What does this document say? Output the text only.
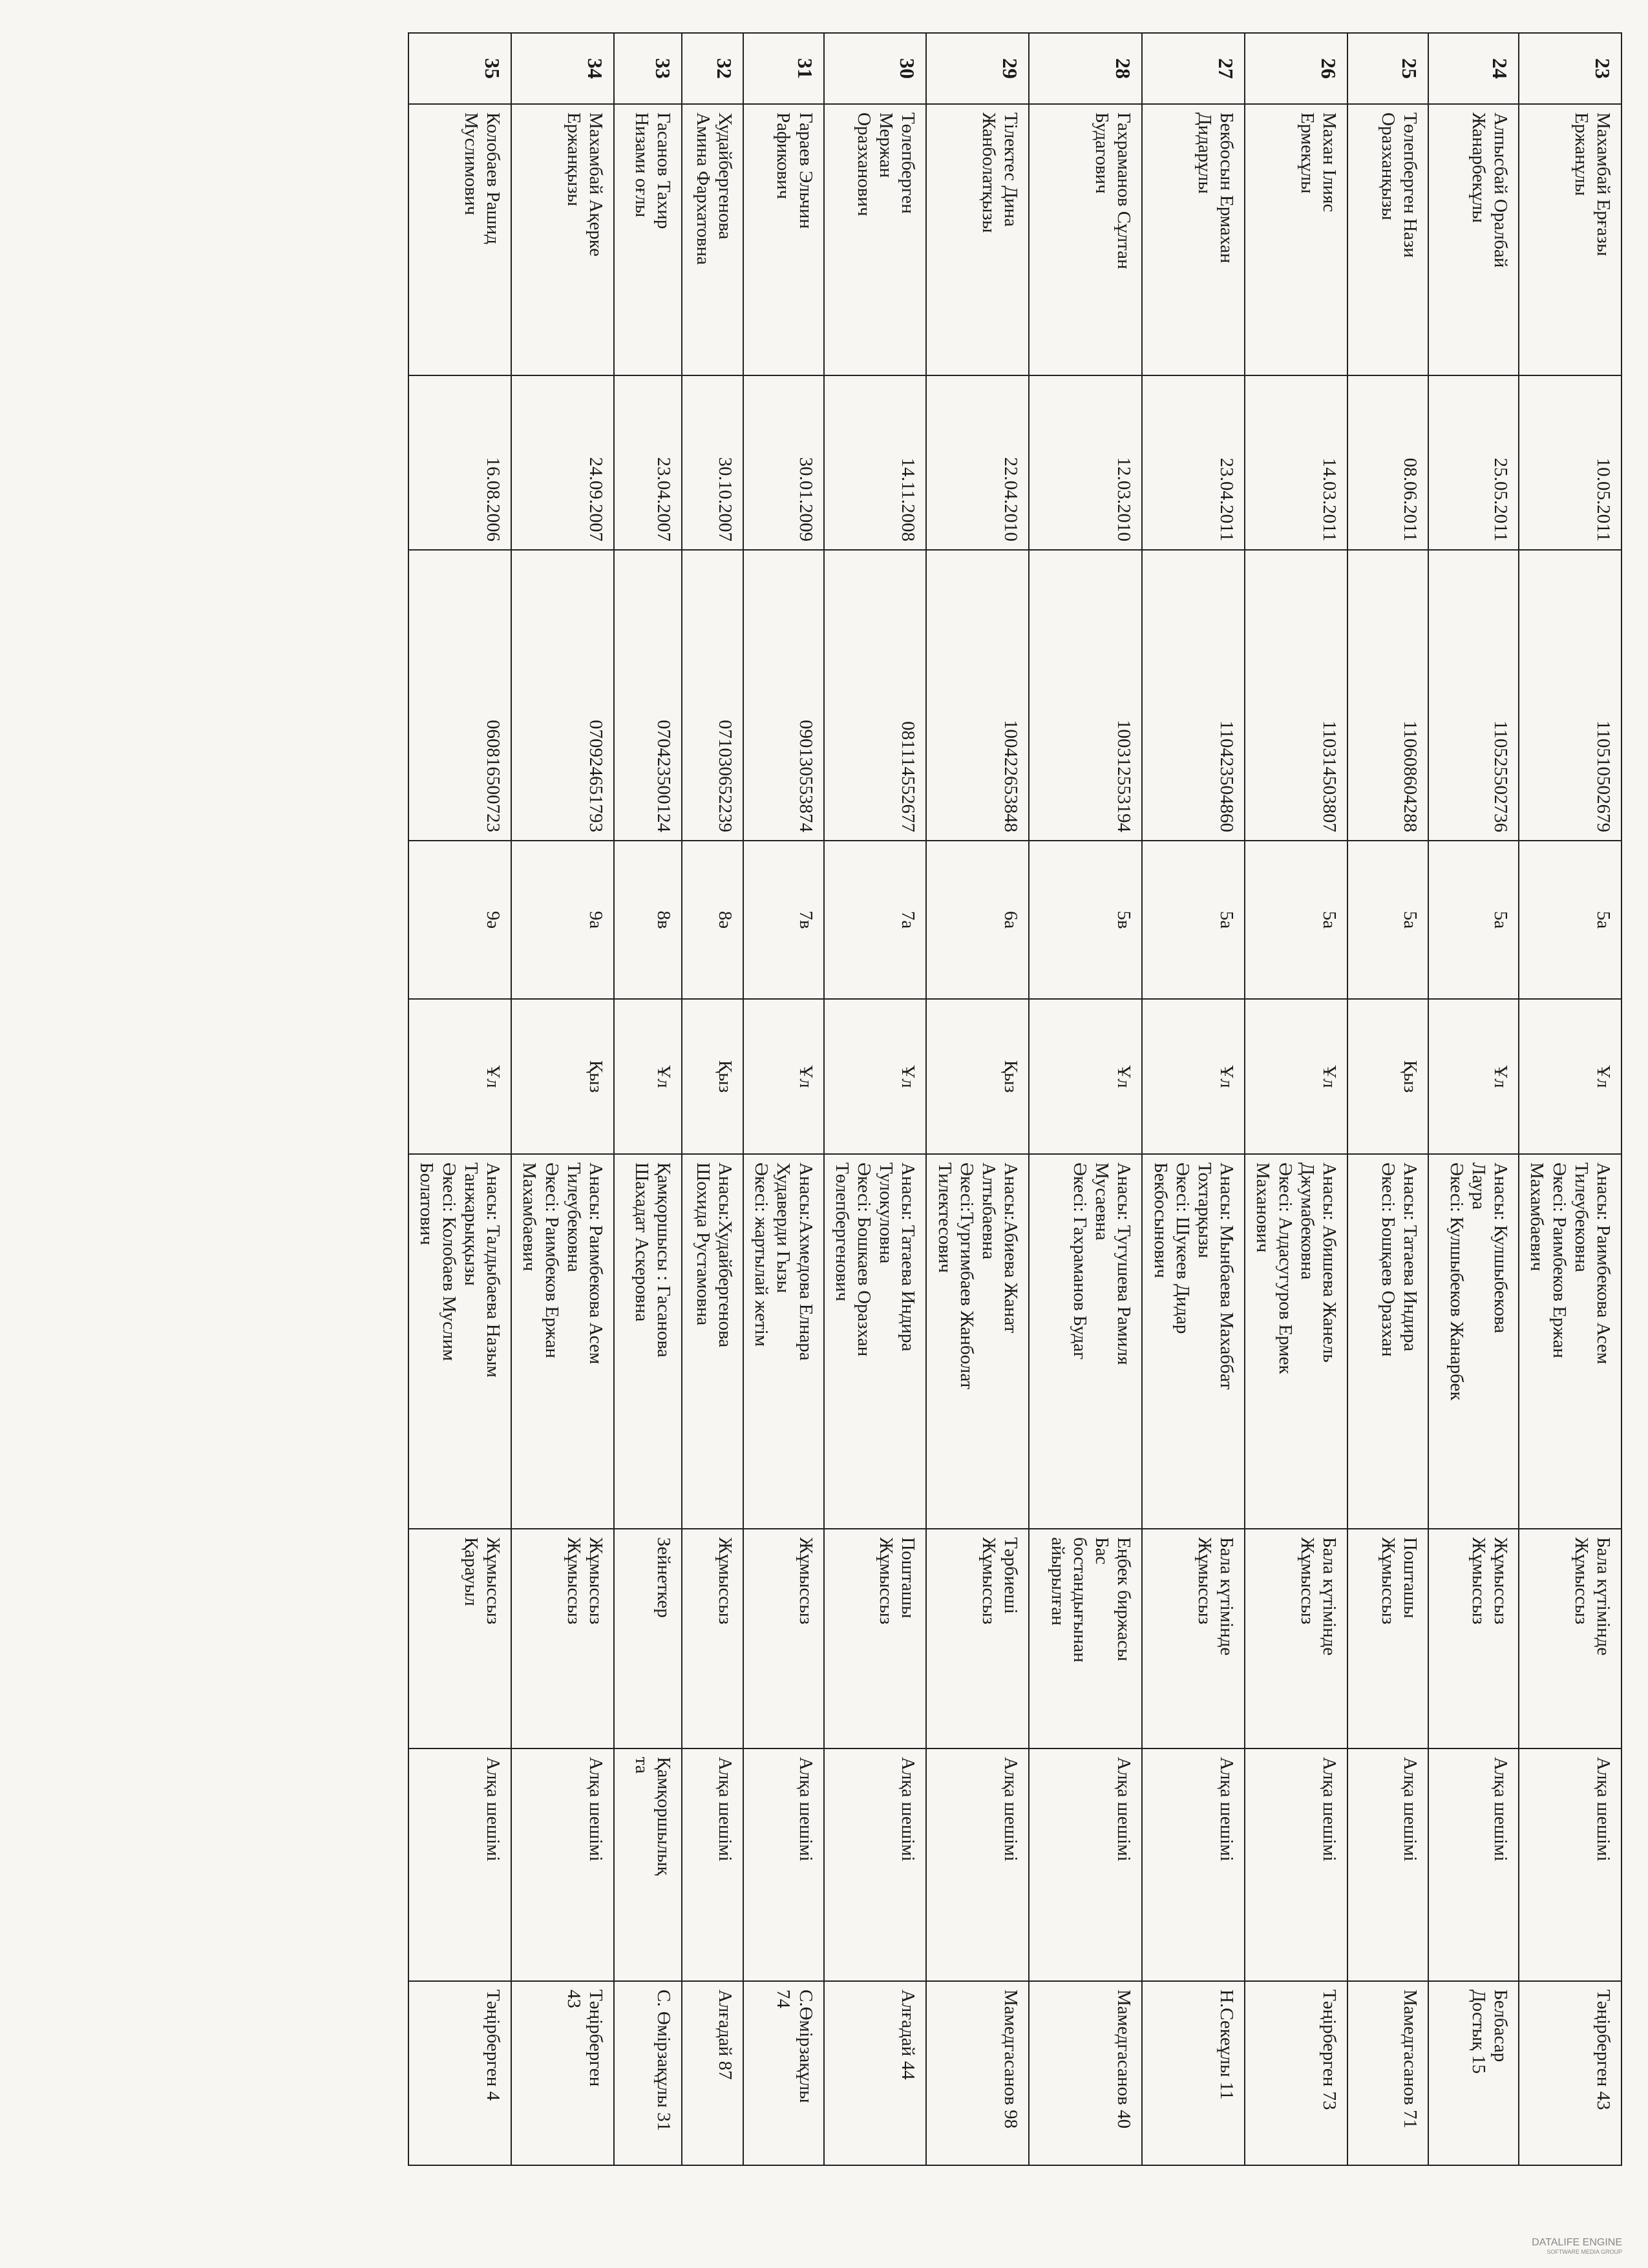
23	Махамбай Ерғазы
Ержанұлы	10.05.2011	110510502679	5а	Ұл	Анасы: Раимбекова Асем
Тилеубековна
Әкесі: Раимбеков Ержан
Махамбаевич	Бала күтімінде
Жұмыссыз	Алқа шешімі	Тәңірберген 43
24	Алпысбай Оралбай
Жанарбекұлы	25.05.2011	110525502736	5а	Ұл	Анасы: Кулшыбекова
Лаура
Әкесі: Кулшыбеков Жанарбек	Жұмыссыз
Жұмыссыз	Алқа шешімі	Белбасар
Достық 15
25	Төлепберген Нази
Оразханқызы	08.06.2011	110608604288	5а	Қыз	Анасы: Татаева Индира
Әкесі: Бошқаев Оразхан	Пошташы
Жұмыссыз	Алқа шешімі	Мамедгасанов 71
26	Махан Ілияс
Ермекұлы	14.03.2011	110314503807	5а	Ұл	Анасы: Абишева Жанель
Джумабековна
Әкесі: Алдасугуров Ермек
Маханович	Бала күтімінде
Жұмыссыз	Алқа шешімі	Тәңірберген 73
27	Бекбосын Ермахан
Дидарұлы	23.04.2011	110423504860	5а	Ұл	Анасы: Мынбаева Махаббат
Тохтарқызы
Әкесі: Шукеев Дидар
Бекбосынович	Бала күтімінде
Жұмыссыз	Алқа шешімі	Н.Секеұлы 11
28	Гахраманов Сұлтан
Будагович	12.03.2010	100312553194	5в	Ұл	Анасы: Тугушева Рамиля
Мусаевна
Әкесі: Гахраманов Будаг	Еңбек биржасы
Бас
бостандығынан
айырылған	Алқа шешімі	Мамедгасанов 40
29	Тілектес Дина
Жанболатқызы	22.04.2010	100422653848	6а	Қыз	Анасы:Абиева Жанат
Алтыбаевна
Әкесі:Тургимбаев Жанболат
Тилектесович	Тәрбиеші
Жұмыссыз	Алқа шешімі	Мамедгасанов 98
30	Төлепберген
Мержан
Оразханович	14.11.2008	081114552677	7а	Ұл	Анасы: Татаева Индира
Тулокуловна
Әкесі: Бошкаев Оразхан
Төлепбергенович	Пошташы
Жұмыссыз	Алқа шешімі	Алғадай 44
31	Гараев Эльчин
Рафикович	30.01.2009	090130553874	7в	Ұл	Анасы:Ахмедова Елнара
Худаверди Гызы
Әкесі: жартылай жетім	Жұмыссыз	Алқа шешімі	С.Өмірзақұлы
74
32	Худайбергенова
Амина Фархатовна	30.10.2007	071030652239	8ә	Қыз	Анасы:Худайбергенова
Шохида Рустамовна	Жұмыссыз	Алқа шешімі	Алғадай 87
33	Гасанов Тахир
Низами оғлы	23.04.2007	070423500124	8в	Ұл	Қамқоршысы : Гасанова
Шахадат Аскеровна	Зейнеткер	Қамқоршылық
та	С. Өмірзақұлы 31
34	Махамбай Ақерке
Ержанқызы	24.09.2007	070924651793	9а	Қыз	Анасы: Раимбекова Асем
Тилеубековна
Әкесі: Раимбеков Ержан
Махамбаевич	Жұмыссыз
Жұмыссыз	Алқа шешімі	Тәңірберген
43
35	Колобаев Рашид
Муслимович	16.08.2006	060816500723	9ә	Ұл	Анасы: Талдыбаева Назым
Танжарыққызы
Әкесі: Колобаев Муслим
Болатович	Жұмыссыз
Қарауыл	Алқа шешімі	Тәңірберген 4
DATALIFE ENGINE
SOFTWARE MEDIA GROUP
